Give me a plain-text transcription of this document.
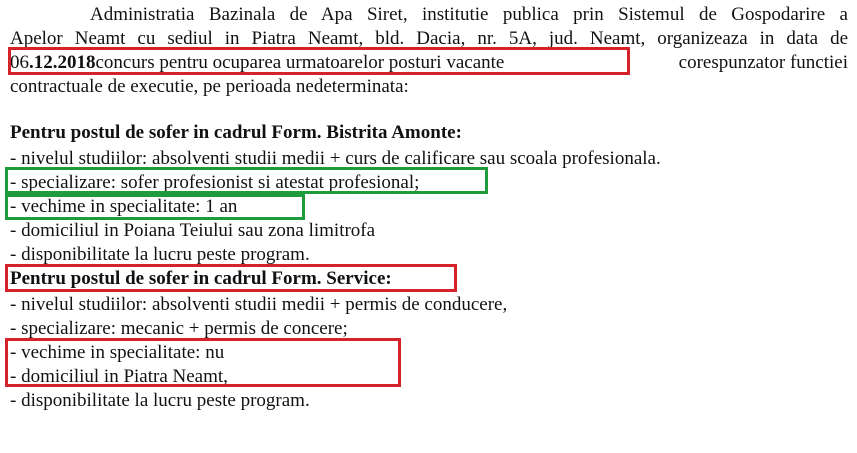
Administratia Bazinala de Apa Siret, institutie publica prin Sistemul de Gospodarire a
Apelor Neamt cu sediul in Piatra Neamt, bld. Dacia, nr. 5A, jud. Neamt, organizeaza in data de
06.12.2018concurs pentru ocuparea urmatoarelor posturi vacante	corespunzator functiei
contractuale de executie, pe perioada nedeterminata:
Pentru postul de sofer in cadrul Form. Bistrita Amonte:
- nivelul studiilor: absolventi studii medii + curs de calificare sau scoala profesionala.
- specializare: sofer profesionist si atestat profesional;
- vechime in specialitate: 1 an
- domiciliul in Poiana Teiului sau zona limitrofa
- disponibilitate la lucru peste program.
Pentru postul de sofer in cadrul Form. Service:
- nivelul studiilor: absolventi studii medii + permis de conducere,
- specializare: mecanic + permis de concere;
- vechime in specialitate: nu
- domiciliul in Piatra Neamt,
- disponibilitate la lucru peste program.
